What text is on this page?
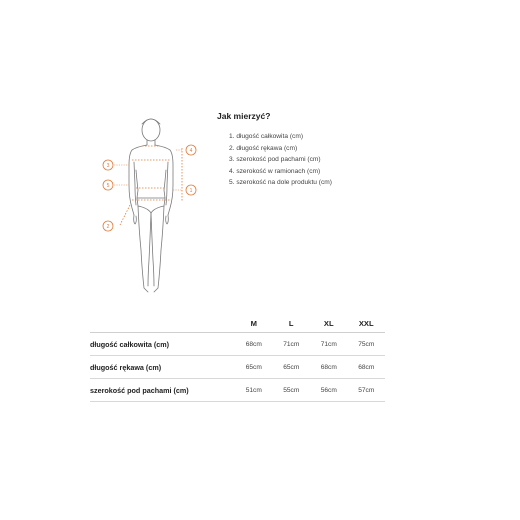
3
5
2
4
1
Jak mierzyć?
1. długość całkowita (cm)
2. długość rękawa (cm)
3. szerokość pod pachami (cm)
4. szerokość w ramionach (cm)
5. szerokość na dole produktu (cm)
	M	L	XL	XXL
długość całkowita (cm)	68cm	71cm	71cm	75cm
długość rękawa (cm)	65cm	65cm	68cm	68cm
szerokość pod pachami (cm)	51cm	55cm	56cm	57cm
